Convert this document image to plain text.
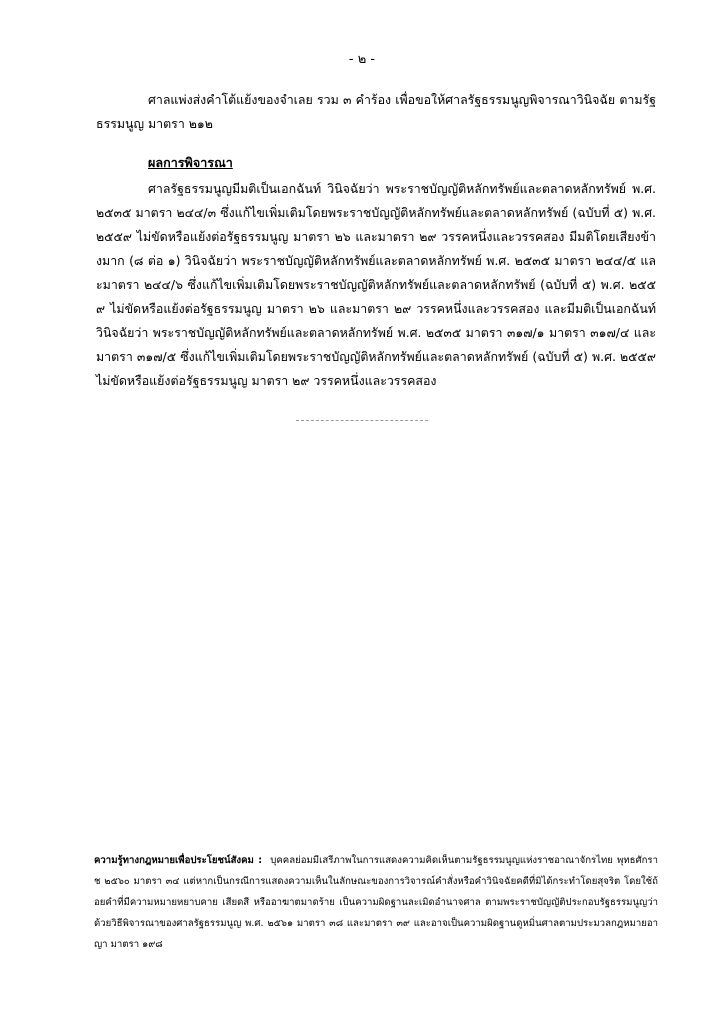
- ๒ -
ศาลแพ่งส่งคำโต้แย้งของจำเลย รวม ๓ คำร้อง เพื่อขอให้ศาลรัฐธรรมนูญพิจารณาวินิจฉัย ตามรัฐธรรมนูญ มาตรา ๒๑๒
ผลการพิจารณา
ศาลรัฐธรรมนูญมีมติเป็นเอกฉันท์ วินิจฉัยว่า พระราชบัญญัติหลักทรัพย์และตลาดหลักทรัพย์ พ.ศ. ๒๕๓๕ มาตรา ๒๔๔/๓ ซึ่งแก้ไขเพิ่มเติมโดยพระราชบัญญัติหลักทรัพย์และตลาดหลักทรัพย์ (ฉบับที่ ๕) พ.ศ. ๒๕๕๙ ไม่ขัดหรือแย้งต่อรัฐธรรมนูญ มาตรา ๒๖ และมาตรา ๒๙ วรรคหนึ่งและวรรคสอง มีมติโดยเสียงข้างมาก (๘ ต่อ ๑) วินิจฉัยว่า พระราชบัญญัติหลักทรัพย์และตลาดหลักทรัพย์ พ.ศ. ๒๕๓๕ มาตรา ๒๔๔/๕ และมาตรา ๒๔๔/๖ ซึ่งแก้ไขเพิ่มเติมโดยพระราชบัญญัติหลักทรัพย์และตลาดหลักทรัพย์ (ฉบับที่ ๕) พ.ศ. ๒๕๕๙ ไม่ขัดหรือแย้งต่อรัฐธรรมนูญ มาตรา ๒๖ และมาตรา ๒๙ วรรคหนึ่งและวรรคสอง และมีมติเป็นเอกฉันท์ วินิจฉัยว่า พระราชบัญญัติหลักทรัพย์และตลาดหลักทรัพย์ พ.ศ. ๒๕๓๕ มาตรา ๓๑๗/๑ มาตรา ๓๑๗/๔ และมาตรา ๓๑๗/๕ ซึ่งแก้ไขเพิ่มเติมโดยพระราชบัญญัติหลักทรัพย์และตลาดหลักทรัพย์ (ฉบับที่ ๕) พ.ศ. ๒๕๕๙ ไม่ขัดหรือแย้งต่อรัฐธรรมนูญ มาตรา ๒๙ วรรคหนึ่งและวรรคสอง
ความรู้ทางกฎหมายเพื่อประโยชน์สังคม : บุคคลย่อมมีเสรีภาพในการแสดงความคิดเห็นตามรัฐธรรมนูญแห่งราชอาณาจักรไทย พุทธศักราช ๒๕๖๐ มาตรา ๓๔ แต่หากเป็นกรณีการแสดงความเห็นในลักษณะของการวิจารณ์คำสั่งหรือคำวินิจฉัยคดีที่มิได้กระทำโดยสุจริต โดยใช้ถ้อยคำที่มีความหมายหยาบคาย เสียดสี หรืออาฆาตมาดร้าย เป็นความผิดฐานละเมิดอำนาจศาล ตามพระราชบัญญัติประกอบรัฐธรรมนูญว่าด้วยวิธีพิจารณาของศาลรัฐธรรมนูญ พ.ศ. ๒๕๖๑ มาตรา ๓๘ และมาตรา ๓๙ และอาจเป็นความผิดฐานดูหมิ่นศาลตามประมวลกฎหมายอาญา มาตรา ๑๙๘
